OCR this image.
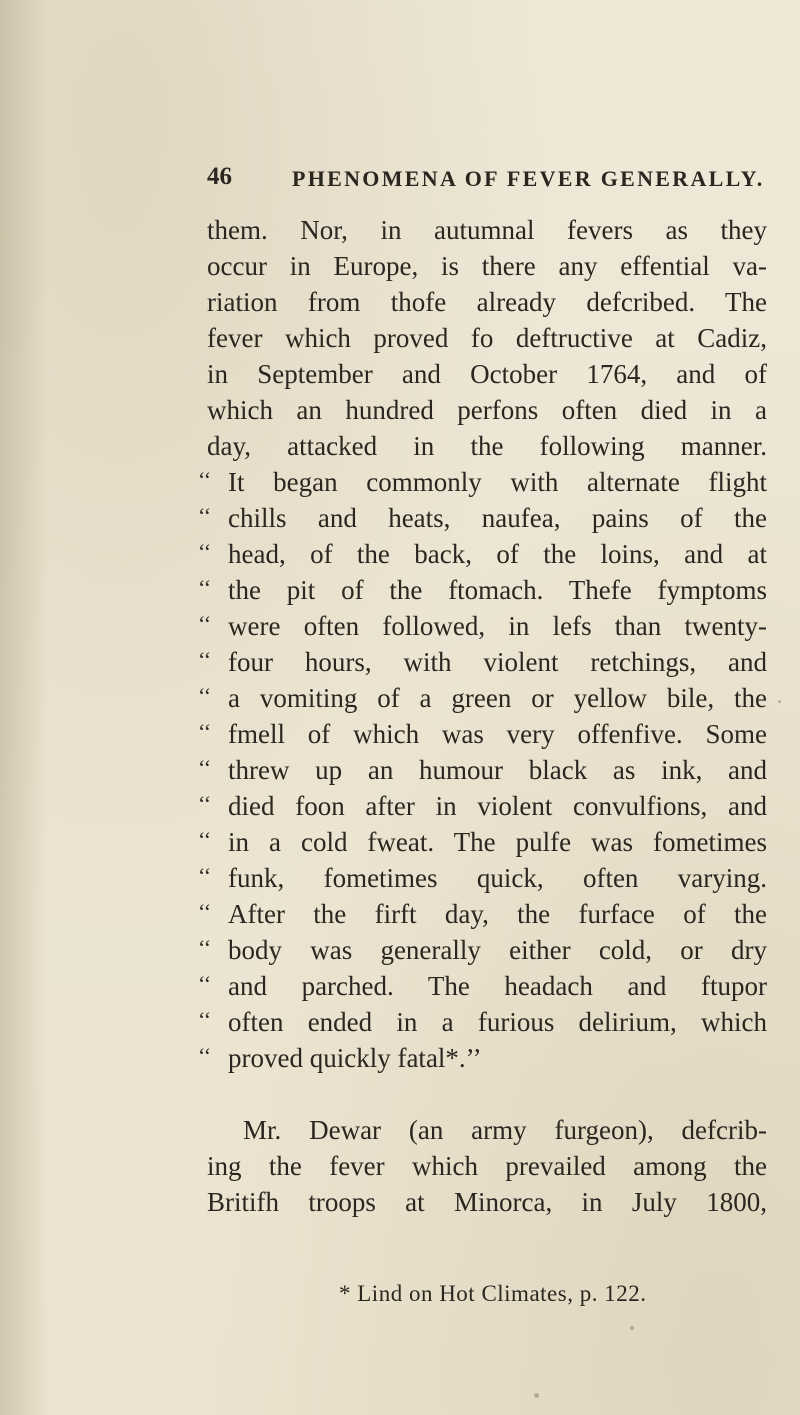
46	PHENOMENA OF FEVER GENERALLY.
them. Nor, in autumnal fevers as they
occur in Europe, is there any effential va-
riation from thofe already defcribed. The
fever which proved fo deftructive at Cadiz,
in September and October 1764, and of
which an hundred perfons often died in a
day, attacked in the following manner.
‘‘ It began commonly with alternate flight
‘‘ chills and heats, naufea, pains of the
‘‘ head, of the back, of the loins, and at
‘‘ the pit of the ftomach. Thefe fymptoms
‘‘ were often followed, in lefs than twenty-
‘‘ four hours, with violent retchings, and
‘‘ a vomiting of a green or yellow bile, the
‘‘ fmell of which was very offenfive. Some
‘‘ threw up an humour black as ink, and
‘‘ died foon after in violent convulfions, and
‘‘ in a cold fweat. The pulfe was fometimes
‘‘ funk, fometimes quick, often varying.
‘‘ After the firft day, the furface of the
‘‘ body was generally either cold, or dry
‘‘ and parched. The headach and ftupor
‘‘ often ended in a furious delirium, which
‘‘ proved quickly fatal*.’’
Mr. Dewar (an army furgeon), defcrib-
ing the fever which prevailed among the
Britifh troops at Minorca, in July 1800,
* Lind on Hot Climates, p. 122.
